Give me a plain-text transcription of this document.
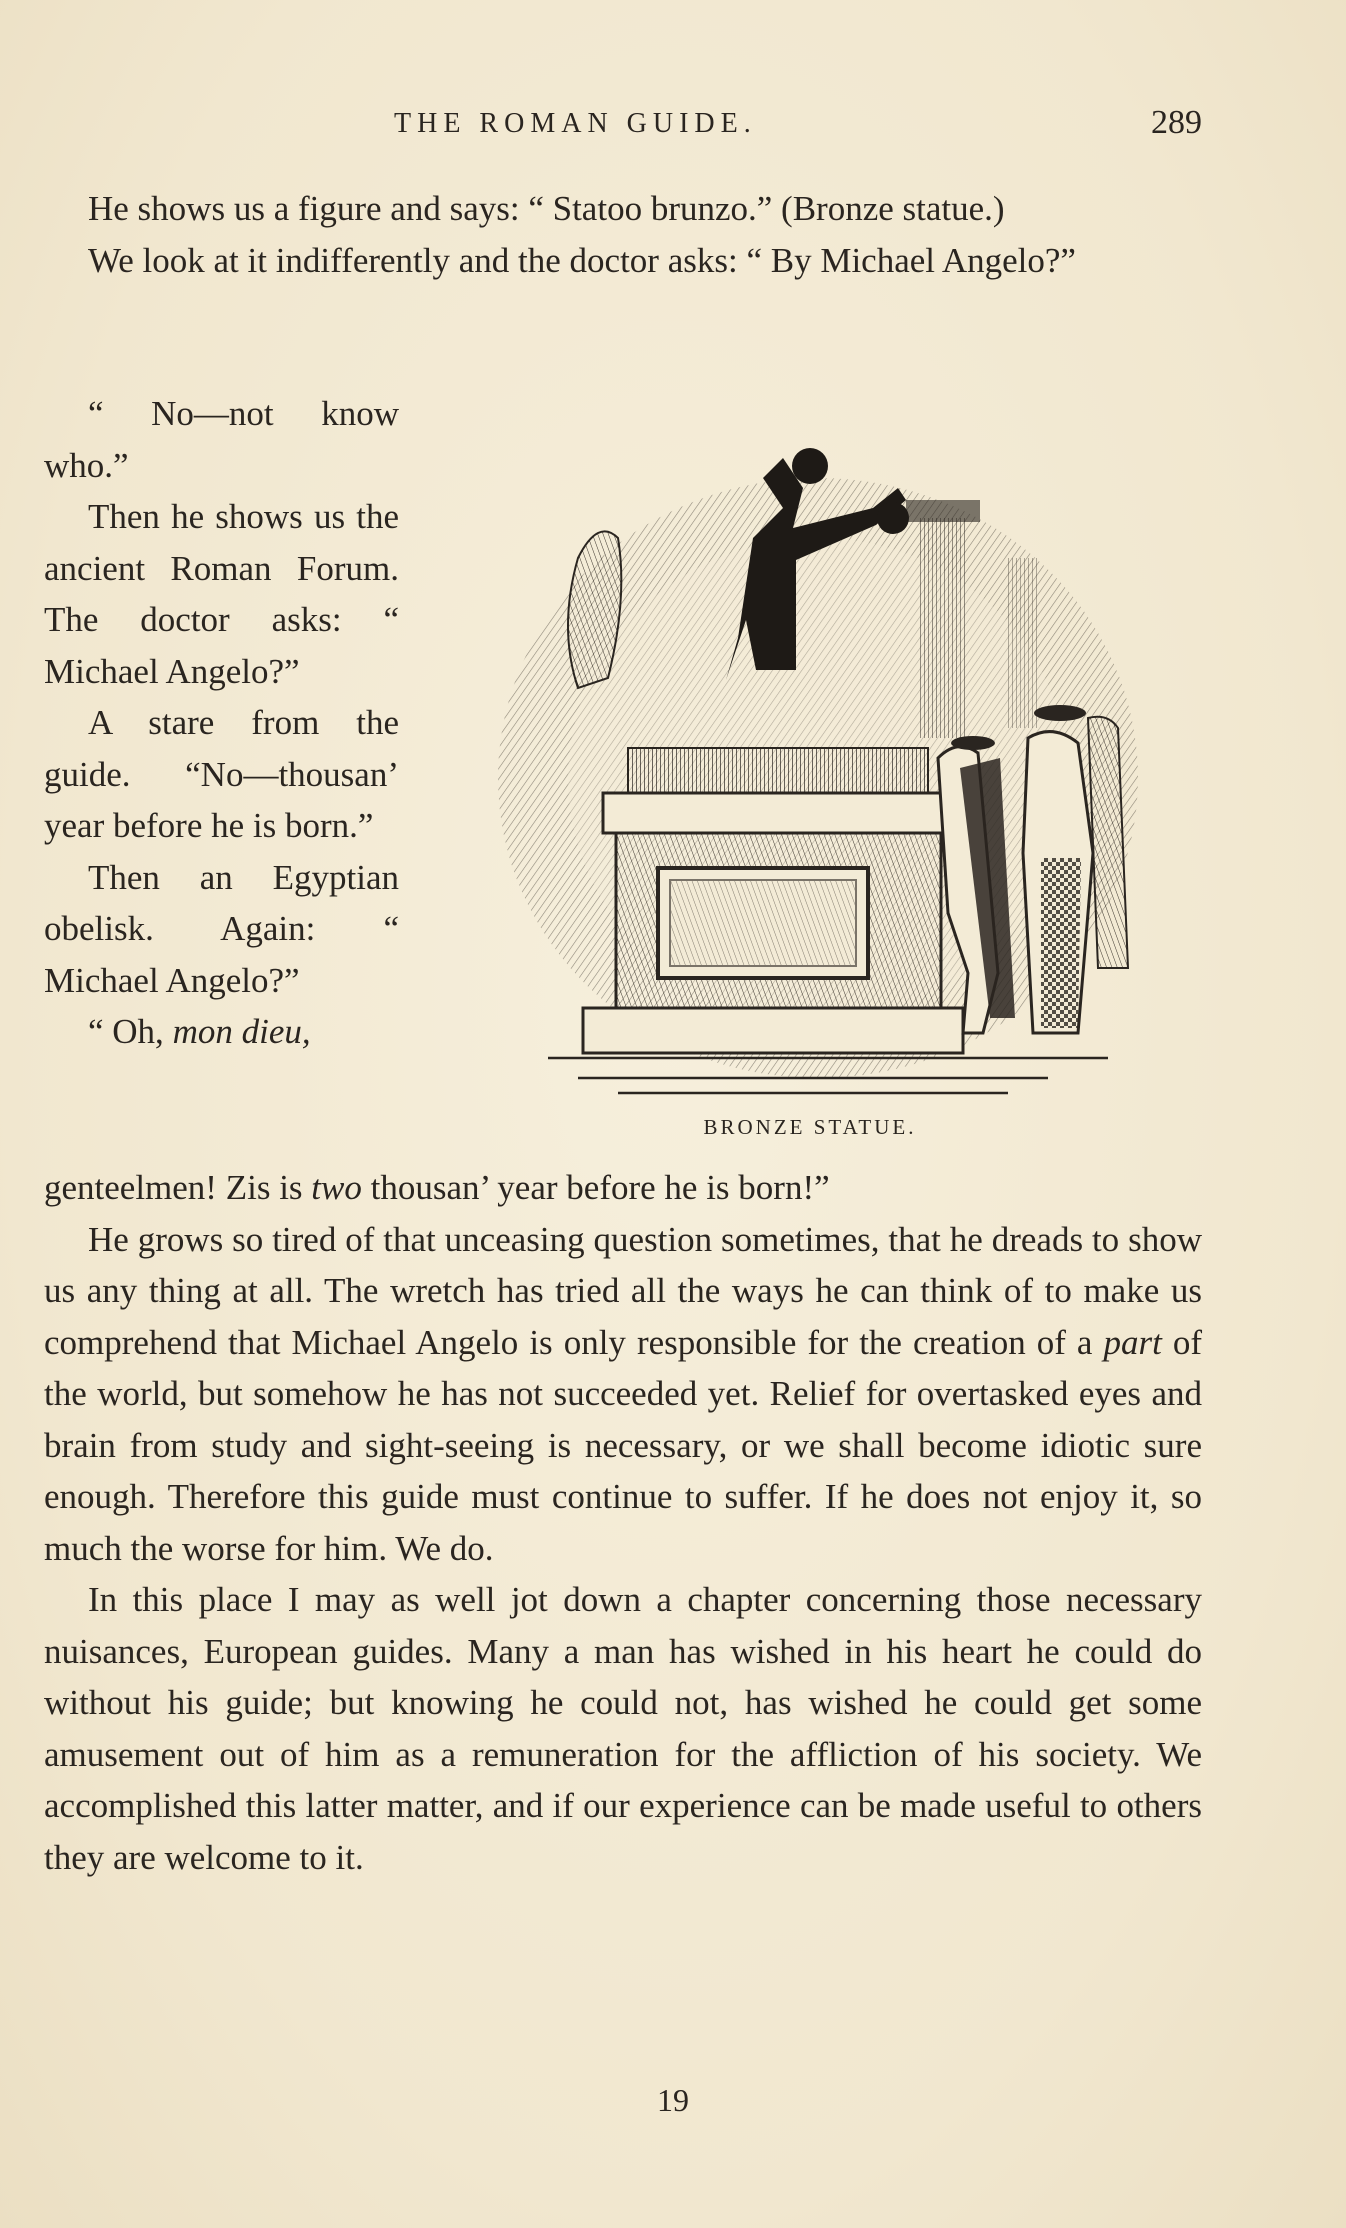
THE ROMAN GUIDE.	289

He shows us a figure and says: “ Statoo brunzo.” (Bronze statue.)

We look at it indifferently and the doctor asks: “ By Michael Angelo?”

“ No—not know who.”

Then he shows us the ancient Roman Forum. The doctor asks: “ Michael Angelo?”

A stare from the guide. “No—thousan’ year before he is born.”

Then an Egyptian obelisk. Again: “ Michael Angelo?”

“ Oh, mon dieu,

BRONZE STATUE.

genteelmen! Zis is two thousan’ year before he is born!”

He grows so tired of that unceasing question sometimes, that he dreads to show us any thing at all. The wretch has tried all the ways he can think of to make us comprehend that Michael Angelo is only responsible for the creation of a part of the world, but somehow he has not succeeded yet. Relief for overtasked eyes and brain from study and sight-seeing is necessary, or we shall become idiotic sure enough. Therefore this guide must continue to suffer. If he does not enjoy it, so much the worse for him. We do.

In this place I may as well jot down a chapter concerning those necessary nuisances, European guides. Many a man has wished in his heart he could do without his guide; but knowing he could not, has wished he could get some amusement out of him as a remuneration for the affliction of his society. We accomplished this latter matter, and if our experience can be made useful to others they are welcome to it.

19
